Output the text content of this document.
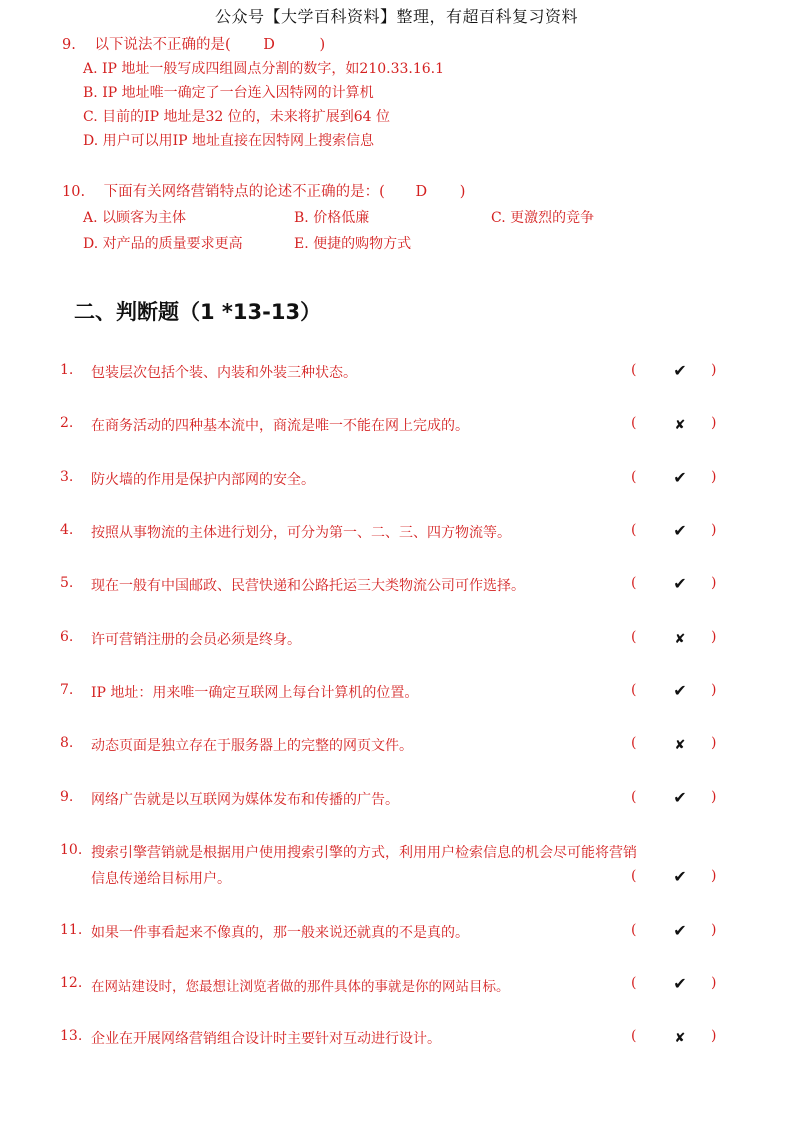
公众号【大学百科资料】整理，有超百科复习资料
9. 以下说法不正确的是( D	)
A. IP 地址一般写成四组圆点分割的数字，如210.33.16.1
B. IP 地址唯一确定了一台连入因特网的计算机
C. 目前的IP 地址是32 位的，未来将扩展到64 位
D. 用户可以用IP 地址直接在因特网上搜索信息
10. 下面有关网络营销特点的论述不正确的是：( D )
A. 以顾客为主体	B. 价格低廉	C. 更激烈的竞争
D. 对产品的质量要求更高	E. 便捷的购物方式
二、判断题（1 *13-13）
1. 包装层次包括个装、内装和外装三种状态。	( ✔ )
2. 在商务活动的四种基本流中，商流是唯一不能在网上完成的。	(	✘ )
3. 防火墙的作用是保护内部网的安全。	( ✔ )
4. 按照从事物流的主体进行划分，可分为第一、二、三、四方物流等。	( ✔ )
5. 现在一般有中国邮政、民营快递和公路托运三大类物流公司可作选择。	( ✔ )
6. 许可营销注册的会员必须是终身。	(	✘ )
7. IP 地址：用来唯一确定互联网上每台计算机的位置。	( ✔ )
8. 动态页面是独立存在于服务器上的完整的网页文件。	(	✘ )
9. 网络广告就是以互联网为媒体发布和传播的广告。	( ✔ )
10. 搜索引擎营销就是根据用户使用搜索引擎的方式，利用用户检索信息的机会尽可能将营销
信息传递给目标用户。	( ✔ )
11. 如果一件事看起来不像真的，那一般来说还就真的不是真的。	( ✔ )
12. 在网站建设时，您最想让浏览者做的那件具体的事就是你的网站目标。	( ✔ )
13. 企业在开展网络营销组合设计时主要针对互动进行设计。	(	✘ )
